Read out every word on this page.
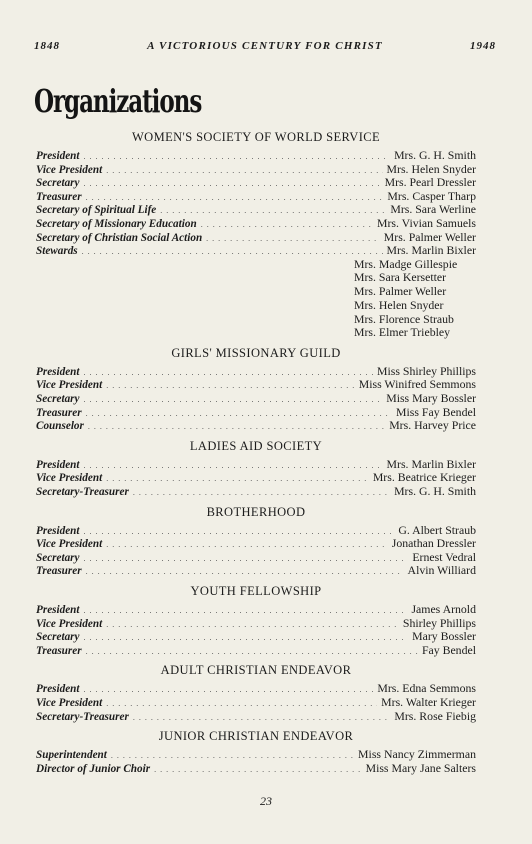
1848	A VICTORIOUS CENTURY FOR CHRIST	1948
Organizations
WOMEN'S SOCIETY OF WORLD SERVICE
President . . .	Mrs. G. H. Smith
Vice President . . .	Mrs. Helen Snyder
Secretary . . .	Mrs. Pearl Dressler
Treasurer . . .	Mrs. Casper Tharp
Secretary of Spiritual Life . . .	Mrs. Sara Werline
Secretary of Missionary Education . . .	Mrs. Vivian Samuels
Secretary of Christian Social Action . . .	Mrs. Palmer Weller
Stewards . . .	Mrs. Marlin Bixler
Mrs. Madge Gillespie
Mrs. Sara Kersetter
Mrs. Palmer Weller
Mrs. Helen Snyder
Mrs. Florence Straub
Mrs. Elmer Triebley
GIRLS' MISSIONARY GUILD
President . . .	Miss Shirley Phillips
Vice President . . .	Miss Winifred Semmons
Secretary . . .	Miss Mary Bossler
Treasurer . . .	Miss Fay Bendel
Counselor . . .	Mrs. Harvey Price
LADIES AID SOCIETY
President . . .	Mrs. Marlin Bixler
Vice President . . .	Mrs. Beatrice Krieger
Secretary-Treasurer . . .	Mrs. G. H. Smith
BROTHERHOOD
President . . .	G. Albert Straub
Vice President . . .	Jonathan Dressler
Secretary . . .	Ernest Vedral
Treasurer . . .	Alvin Williard
YOUTH FELLOWSHIP
President . . .	James Arnold
Vice President . . .	Shirley Phillips
Secretary . . .	Mary Bossler
Treasurer . . .	Fay Bendel
ADULT CHRISTIAN ENDEAVOR
President . . .	Mrs. Edna Semmons
Vice President . . .	Mrs. Walter Krieger
Secretary-Treasurer . . .	Mrs. Rose Fiebig
JUNIOR CHRISTIAN ENDEAVOR
Superintendent . . .	Miss Nancy Zimmerman
Director of Junior Choir . . .	Miss Mary Jane Salters
23
